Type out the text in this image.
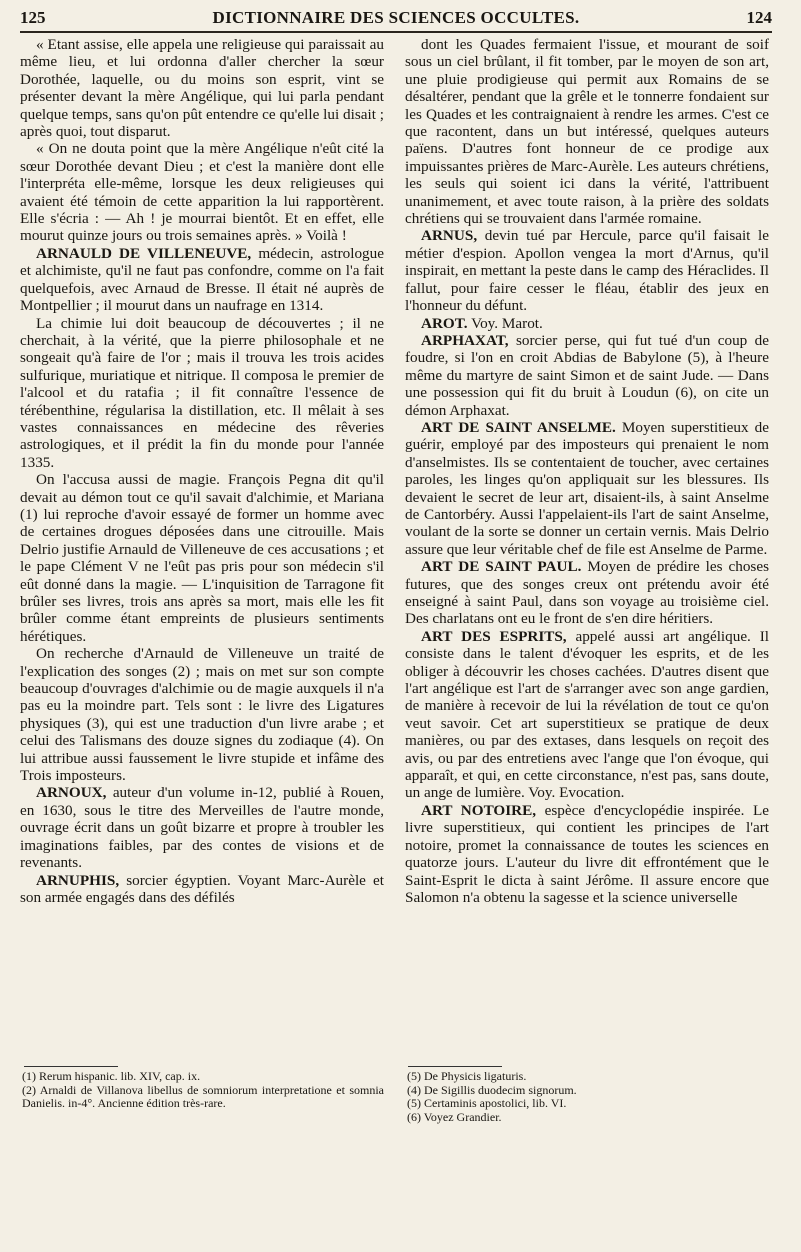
125	DICTIONNAIRE DES SCIENCES OCCULTES.	124

« Etant assise, elle appela une religieuse qui paraissait au même lieu, et lui ordonna d'aller chercher la sœur Dorothée, laquelle, ou du moins son esprit, vint se présenter devant la mère Angélique, qui lui parla pendant quelque temps, sans qu'on pût entendre ce qu'elle lui disait ; après quoi, tout disparut.

« On ne douta point que la mère Angélique n'eût cité la sœur Dorothée devant Dieu ; et c'est la manière dont elle l'interpréta elle-même, lorsque les deux religieuses qui avaient été témoin de cette apparition la lui rapportèrent. Elle s'écria : — Ah ! je mourrai bientôt. Et en effet, elle mourut quinze jours ou trois semaines après. » Voilà !

ARNAULD DE VILLENEUVE, médecin, astrologue et alchimiste, qu'il ne faut pas confondre, comme on l'a fait quelquefois, avec Arnaud de Bresse. Il était né auprès de Montpellier ; il mourut dans un naufrage en 1314.

La chimie lui doit beaucoup de découvertes ; il ne cherchait, à la vérité, que la pierre philosophale et ne songeait qu'à faire de l'or ; mais il trouva les trois acides sulfurique, muriatique et nitrique. Il composa le premier de l'alcool et du ratafia ; il fit connaître l'essence de térébenthine, régularisa la distillation, etc. Il mêlait à ses vastes connaissances en médecine des rêveries astrologiques, et il prédit la fin du monde pour l'année 1335.

On l'accusa aussi de magie. François Pegna dit qu'il devait au démon tout ce qu'il savait d'alchimie, et Mariana (1) lui reproche d'avoir essayé de former un homme avec de certaines drogues déposées dans une citrouille. Mais Delrio justifie Arnauld de Villeneuve de ces accusations ; et le pape Clément V ne l'eût pas pris pour son médecin s'il eût donné dans la magie. — L'inquisition de Tarragone fit brûler ses livres, trois ans après sa mort, mais elle les fit brûler comme étant empreints de plusieurs sentiments hérétiques.

On recherche d'Arnauld de Villeneuve un traité de l'explication des songes (2) ; mais on met sur son compte beaucoup d'ouvrages d'alchimie ou de magie auxquels il n'a pas eu la moindre part. Tels sont : le livre des Ligatures physiques (3), qui est une traduction d'un livre arabe ; et celui des Talismans des douze signes du zodiaque (4). On lui attribue aussi faussement le livre stupide et infâme des Trois imposteurs.

ARNOUX, auteur d'un volume in-12, publié à Rouen, en 1630, sous le titre des Merveilles de l'autre monde, ouvrage écrit dans un goût bizarre et propre à troubler les imaginations faibles, par des contes de visions et de revenants.

ARNUPHIS, sorcier égyptien. Voyant Marc-Aurèle et son armée engagés dans des défilés

dont les Quades fermaient l'issue, et mourant de soif sous un ciel brûlant, il fit tomber, par le moyen de son art, une pluie prodigieuse qui permit aux Romains de se désaltérer, pendant que la grêle et le tonnerre fondaient sur les Quades et les contraignaient à rendre les armes. C'est ce que racontent, dans un but intéressé, quelques auteurs païens. D'autres font honneur de ce prodige aux impuissantes prières de Marc-Aurèle. Les auteurs chrétiens, les seuls qui soient ici dans la vérité, l'attribuent unanimement, et avec toute raison, à la prière des soldats chrétiens qui se trouvaient dans l'armée romaine.

ARNUS, devin tué par Hercule, parce qu'il faisait le métier d'espion. Apollon vengea la mort d'Arnus, qu'il inspirait, en mettant la peste dans le camp des Héraclides. Il fallut, pour faire cesser le fléau, établir des jeux en l'honneur du défunt.

AROT. Voy. Marot.

ARPHAXAT, sorcier perse, qui fut tué d'un coup de foudre, si l'on en croit Abdias de Babylone (5), à l'heure même du martyre de saint Simon et de saint Jude. — Dans une possession qui fit du bruit à Loudun (6), on cite un démon Arphaxat.

ART DE SAINT ANSELME. Moyen superstitieux de guérir, employé par des imposteurs qui prenaient le nom d'anselmistes. Ils se contentaient de toucher, avec certaines paroles, les linges qu'on appliquait sur les blessures. Ils devaient le secret de leur art, disaient-ils, à saint Anselme de Cantorbéry. Aussi l'appelaient-ils l'art de saint Anselme, voulant de la sorte se donner un certain vernis. Mais Delrio assure que leur véritable chef de file est Anselme de Parme.

ART DE SAINT PAUL. Moyen de prédire les choses futures, que des songes creux ont prétendu avoir été enseigné à saint Paul, dans son voyage au troisième ciel. Des charlatans ont eu le front de s'en dire héritiers.

ART DES ESPRITS, appelé aussi art angélique. Il consiste dans le talent d'évoquer les esprits, et de les obliger à découvrir les choses cachées. D'autres disent que l'art angélique est l'art de s'arranger avec son ange gardien, de manière à recevoir de lui la révélation de tout ce qu'on veut savoir. Cet art superstitieux se pratique de deux manières, ou par des extases, dans lesquels on reçoit des avis, ou par des entretiens avec l'ange que l'on évoque, qui apparaît, et qui, en cette circonstance, n'est pas, sans doute, un ange de lumière. Voy. Evocation.

ART NOTOIRE, espèce d'encyclopédie inspirée. Le livre superstitieux, qui contient les principes de l'art notoire, promet la connaissance de toutes les sciences en quatorze jours. L'auteur du livre dit effrontément que le Saint-Esprit le dicta à saint Jérôme. Il assure encore que Salomon n'a obtenu la sagesse et la science universelle

(1) Rerum hispanic. lib. XIV, cap. ix.
(2) Arnaldi de Villanova libellus de somniorum interpretatione et somnia Danielis. in-4°. Ancienne édition très-rare.
(5) De Physicis ligaturis.
(4) De Sigillis duodecim signorum.
(5) Certaminis apostolici, lib. VI.
(6) Voyez Grandier.
